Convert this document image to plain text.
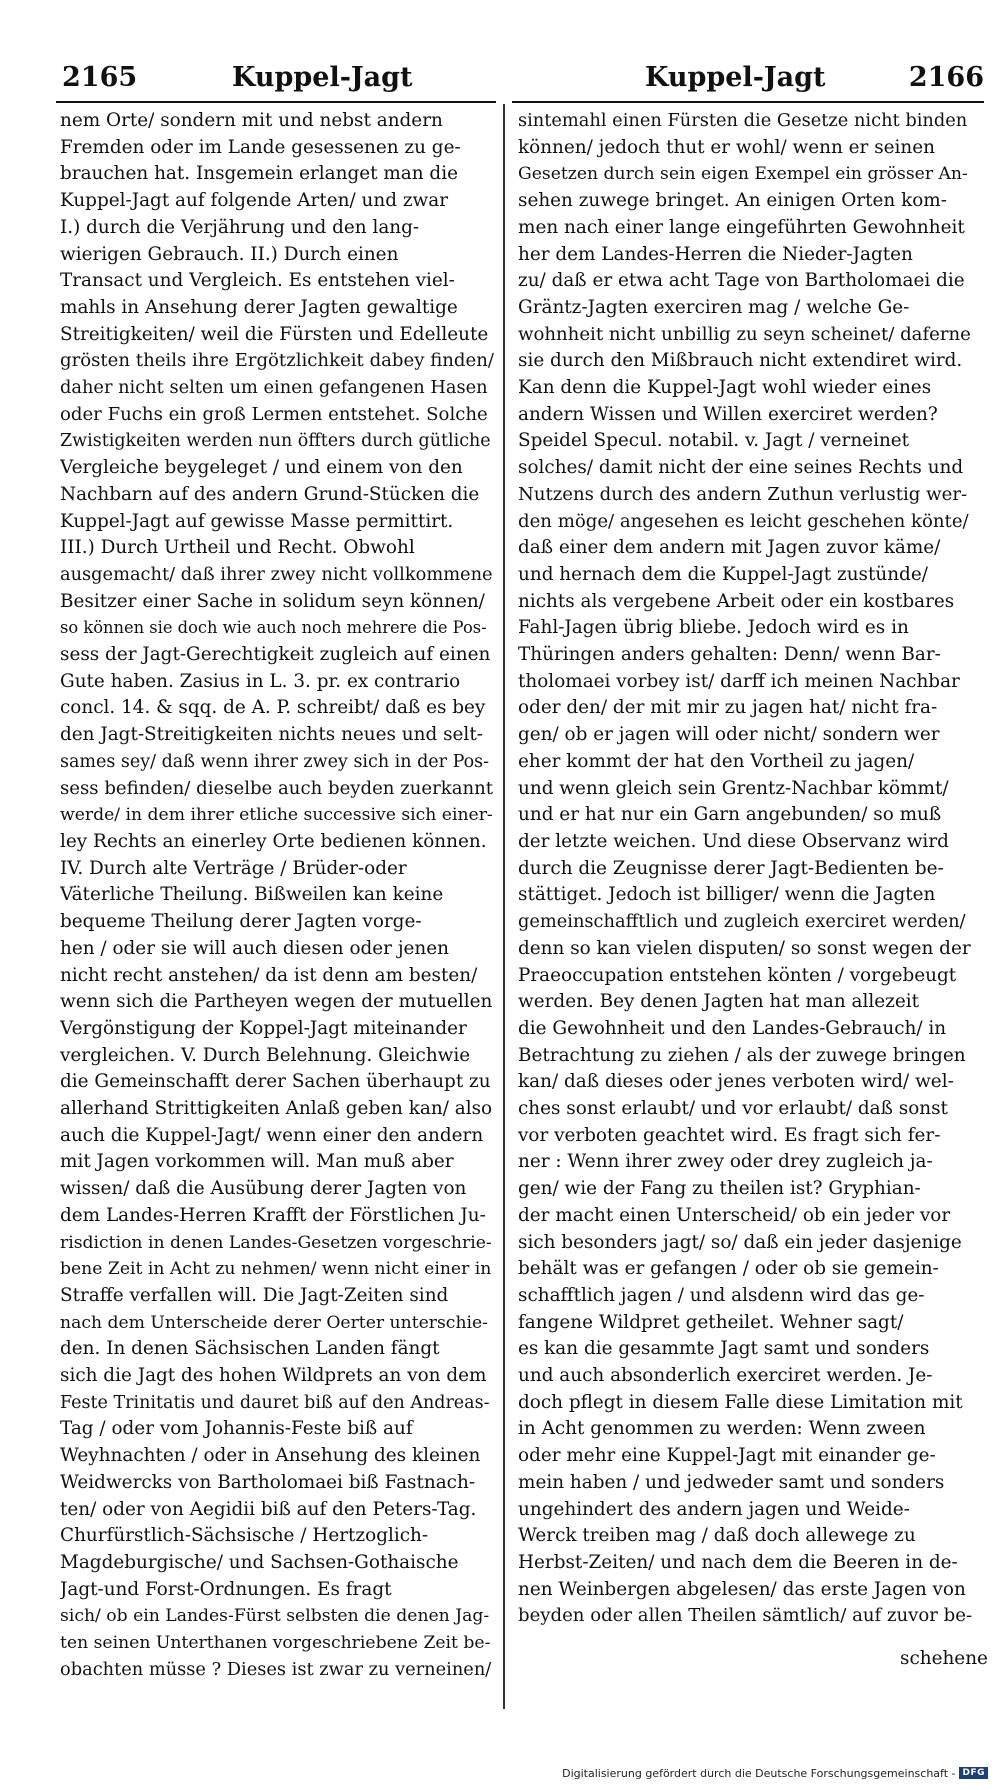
2165	Kuppel-Jagt	Kuppel-Jagt	2166
nem Orte/ sondern mit und nebst andern
Fremden oder im Lande gesessenen zu ge-
brauchen hat. Insgemein erlanget man die
Kuppel-Jagt auf folgende Arten/ und zwar
I.) durch die Verjährung und den lang-
wierigen Gebrauch. II.) Durch einen
Transact und Vergleich. Es entstehen viel-
mahls in Ansehung derer Jagten gewaltige
Streitigkeiten/ weil die Fürsten und Edelleute
grösten theils ihre Ergötzlichkeit dabey finden/
daher nicht selten um einen gefangenen Hasen
oder Fuchs ein groß Lermen entstehet. Solche
Zwistigkeiten werden nun öffters durch gütliche
Vergleiche beygeleget / und einem von den
Nachbarn auf des andern Grund-Stücken die
Kuppel-Jagt auf gewisse Masse permittirt.
III.) Durch Urtheil und Recht. Obwohl
ausgemacht/ daß ihrer zwey nicht vollkommene
Besitzer einer Sache in solidum seyn können/
so können sie doch wie auch noch mehrere die Pos-
sess der Jagt-Gerechtigkeit zugleich auf einen
Gute haben. Zasius in L. 3. pr. ex contrario
concl. 14. & sqq. de A. P. schreibt/ daß es bey
den Jagt-Streitigkeiten nichts neues und selt-
sames sey/ daß wenn ihrer zwey sich in der Pos-
sess befinden/ dieselbe auch beyden zuerkannt
werde/ in dem ihrer etliche successive sich einer-
ley Rechts an einerley Orte bedienen können.
IV. Durch alte Verträge / Brüder-oder
Väterliche Theilung. Bißweilen kan keine
bequeme Theilung derer Jagten vorge-
hen / oder sie will auch diesen oder jenen
nicht recht anstehen/ da ist denn am besten/
wenn sich die Partheyen wegen der mutuellen
Vergönstigung der Koppel-Jagt miteinander
vergleichen. V. Durch Belehnung. Gleichwie
die Gemeinschafft derer Sachen überhaupt zu
allerhand Strittigkeiten Anlaß geben kan/ also
auch die Kuppel-Jagt/ wenn einer den andern
mit Jagen vorkommen will. Man muß aber
wissen/ daß die Ausübung derer Jagten von
dem Landes-Herren Krafft der Förstlichen Ju-
risdiction in denen Landes-Gesetzen vorgeschrie-
bene Zeit in Acht zu nehmen/ wenn nicht einer in
Straffe verfallen will. Die Jagt-Zeiten sind
nach dem Unterscheide derer Oerter unterschie-
den. In denen Sächsischen Landen fängt
sich die Jagt des hohen Wildprets an von dem
Feste Trinitatis und dauret biß auf den Andreas-
Tag / oder vom Johannis-Feste biß auf
Weyhnachten / oder in Ansehung des kleinen
Weidwercks von Bartholomaei biß Fastnach-
ten/ oder von Aegidii biß auf den Peters-Tag.
Churfürstlich-Sächsische / Hertzoglich-
Magdeburgische/ und Sachsen-Gothaische
Jagt-und Forst-Ordnungen. Es fragt
sich/ ob ein Landes-Fürst selbsten die denen Jag-
ten seinen Unterthanen vorgeschriebene Zeit be-
obachten müsse ? Dieses ist zwar zu verneinen/
sintemahl einen Fürsten die Gesetze nicht binden
können/ jedoch thut er wohl/ wenn er seinen
Gesetzen durch sein eigen Exempel ein grösser An-
sehen zuwege bringet. An einigen Orten kom-
men nach einer lange eingeführten Gewohnheit
her dem Landes-Herren die Nieder-Jagten
zu/ daß er etwa acht Tage von Bartholomaei die
Gräntz-Jagten exerciren mag / welche Ge-
wohnheit nicht unbillig zu seyn scheinet/ daferne
sie durch den Mißbrauch nicht extendiret wird.
Kan denn die Kuppel-Jagt wohl wieder eines
andern Wissen und Willen exerciret werden?
Speidel Specul. notabil. v. Jagt / verneinet
solches/ damit nicht der eine seines Rechts und
Nutzens durch des andern Zuthun verlustig wer-
den möge/ angesehen es leicht geschehen könte/
daß einer dem andern mit Jagen zuvor käme/
und hernach dem die Kuppel-Jagt zustünde/
nichts als vergebene Arbeit oder ein kostbares
Fahl-Jagen übrig bliebe. Jedoch wird es in
Thüringen anders gehalten: Denn/ wenn Bar-
tholomaei vorbey ist/ darff ich meinen Nachbar
oder den/ der mit mir zu jagen hat/ nicht fra-
gen/ ob er jagen will oder nicht/ sondern wer
eher kommt der hat den Vortheil zu jagen/
und wenn gleich sein Grentz-Nachbar kömmt/
und er hat nur ein Garn angebunden/ so muß
der letzte weichen. Und diese Observanz wird
durch die Zeugnisse derer Jagt-Bedienten be-
stättiget. Jedoch ist billiger/ wenn die Jagten
gemeinschafftlich und zugleich exerciret werden/
denn so kan vielen disputen/ so sonst wegen der
Praeoccupation entstehen könten / vorgebeugt
werden. Bey denen Jagten hat man allezeit
die Gewohnheit und den Landes-Gebrauch/ in
Betrachtung zu ziehen / als der zuwege bringen
kan/ daß dieses oder jenes verboten wird/ wel-
ches sonst erlaubt/ und vor erlaubt/ daß sonst
vor verboten geachtet wird. Es fragt sich fer-
ner : Wenn ihrer zwey oder drey zugleich ja-
gen/ wie der Fang zu theilen ist? Gryphian-
der macht einen Unterscheid/ ob ein jeder vor
sich besonders jagt/ so/ daß ein jeder dasjenige
behält was er gefangen / oder ob sie gemein-
schafftlich jagen / und alsdenn wird das ge-
fangene Wildpret getheilet. Wehner sagt/
es kan die gesammte Jagt samt und sonders
und auch absonderlich exerciret werden. Je-
doch pflegt in diesem Falle diese Limitation mit
in Acht genommen zu werden: Wenn zween
oder mehr eine Kuppel-Jagt mit einander ge-
mein haben / und jedweder samt und sonders
ungehindert des andern jagen und Weide-
Werck treiben mag / daß doch allewege zu
Herbst-Zeiten/ und nach dem die Beeren in de-
nen Weinbergen abgelesen/ das erste Jagen von
beyden oder allen Theilen sämtlich/ auf zuvor be-
schehene
Digitalisierung gefördert durch die Deutsche Forschungsgemeinschaft - DFG
